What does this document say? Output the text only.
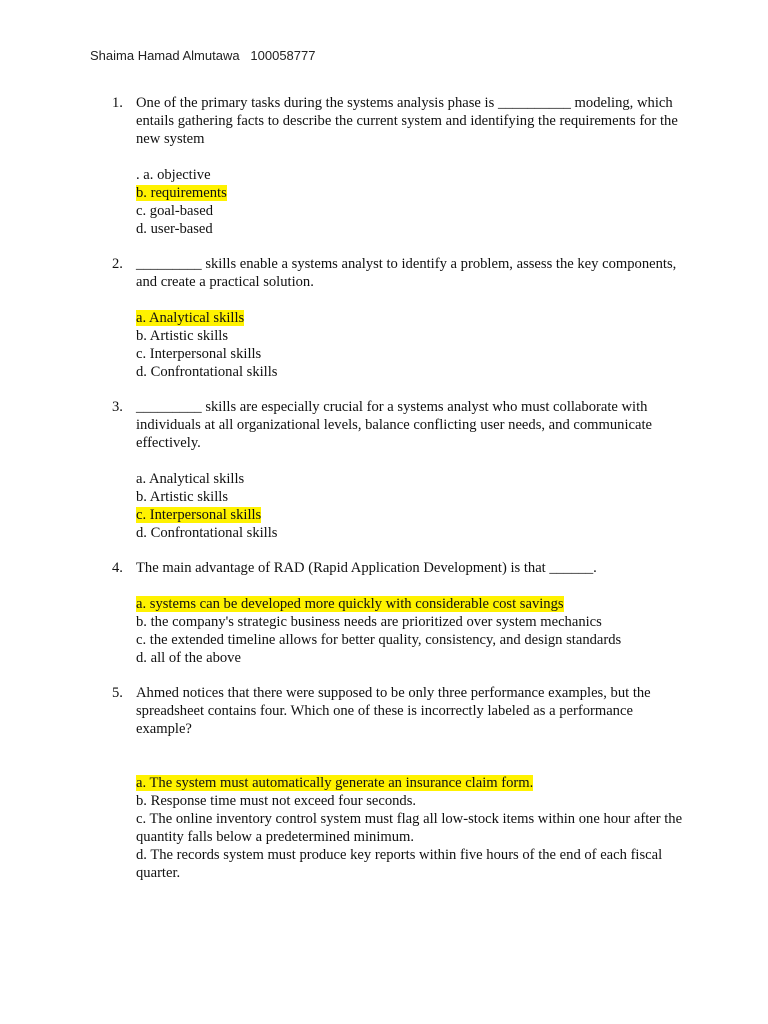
Shaima Hamad Almutawa   100058777
1. One of the primary tasks during the systems analysis phase is __________ modeling, which entails gathering facts to describe the current system and identifying the requirements for the new system
. a. objective
b. requirements
c. goal-based
d. user-based
2. _________ skills enable a systems analyst to identify a problem, assess the key components, and create a practical solution.
a. Analytical skills
b. Artistic skills
c. Interpersonal skills
d. Confrontational skills
3. _________ skills are especially crucial for a systems analyst who must collaborate with individuals at all organizational levels, balance conflicting user needs, and communicate effectively.
a. Analytical skills
b. Artistic skills
c. Interpersonal skills
d. Confrontational skills
4. The main advantage of RAD (Rapid Application Development) is that ______.
a. systems can be developed more quickly with considerable cost savings
b. the company's strategic business needs are prioritized over system mechanics
c. the extended timeline allows for better quality, consistency, and design standards
d. all of the above
5. Ahmed notices that there were supposed to be only three performance examples, but the spreadsheet contains four. Which one of these is incorrectly labeled as a performance example?
a. The system must automatically generate an insurance claim form.
b. Response time must not exceed four seconds.
c. The online inventory control system must flag all low-stock items within one hour after the quantity falls below a predetermined minimum.
d. The records system must produce key reports within five hours of the end of each fiscal quarter.
